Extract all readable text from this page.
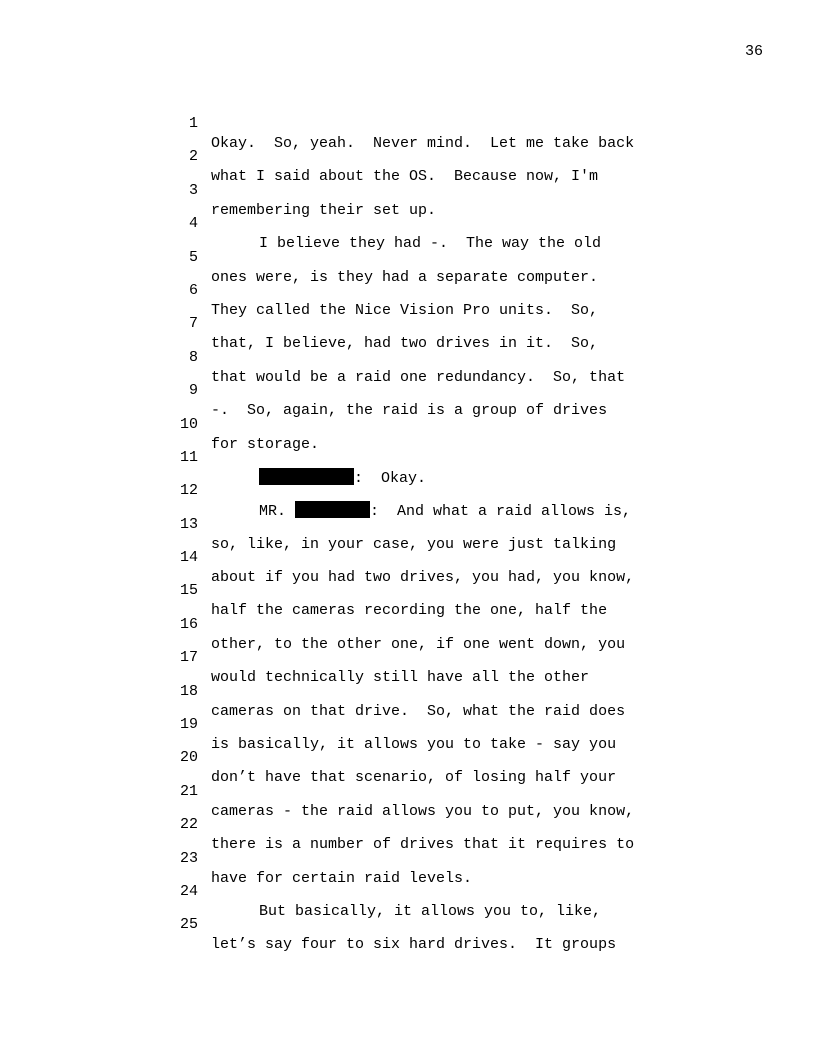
36

1

Okay.  So, yeah.  Never mind.  Let me take back

2

what I said about the OS.  Because now, I'm

3

remembering their set up.

4

I believe they had -.  The way the old

5

ones were, is they had a separate computer.

6

They called the Nice Vision Pro units.  So,

7

that, I believe, had two drives in it.  So,

8

that would be a raid one redundancy.  So, that

9

-.  So, again, the raid is a group of drives

10

for storage.

11

:  Okay.

12

MR.	:  And what a raid allows is,

13

so, like, in your case, you were just talking

14

about if you had two drives, you had, you know,

15

half the cameras recording the one, half the

16

other, to the other one, if one went down, you

17

would technically still have all the other

18

cameras on that drive.  So, what the raid does

19

is basically, it allows you to take - say you

20

don’t have that scenario, of losing half your

21

cameras - the raid allows you to put, you know,

22

there is a number of drives that it requires to

23

have for certain raid levels.

24

But basically, it allows you to, like,

25

let’s say four to six hard drives.  It groups
